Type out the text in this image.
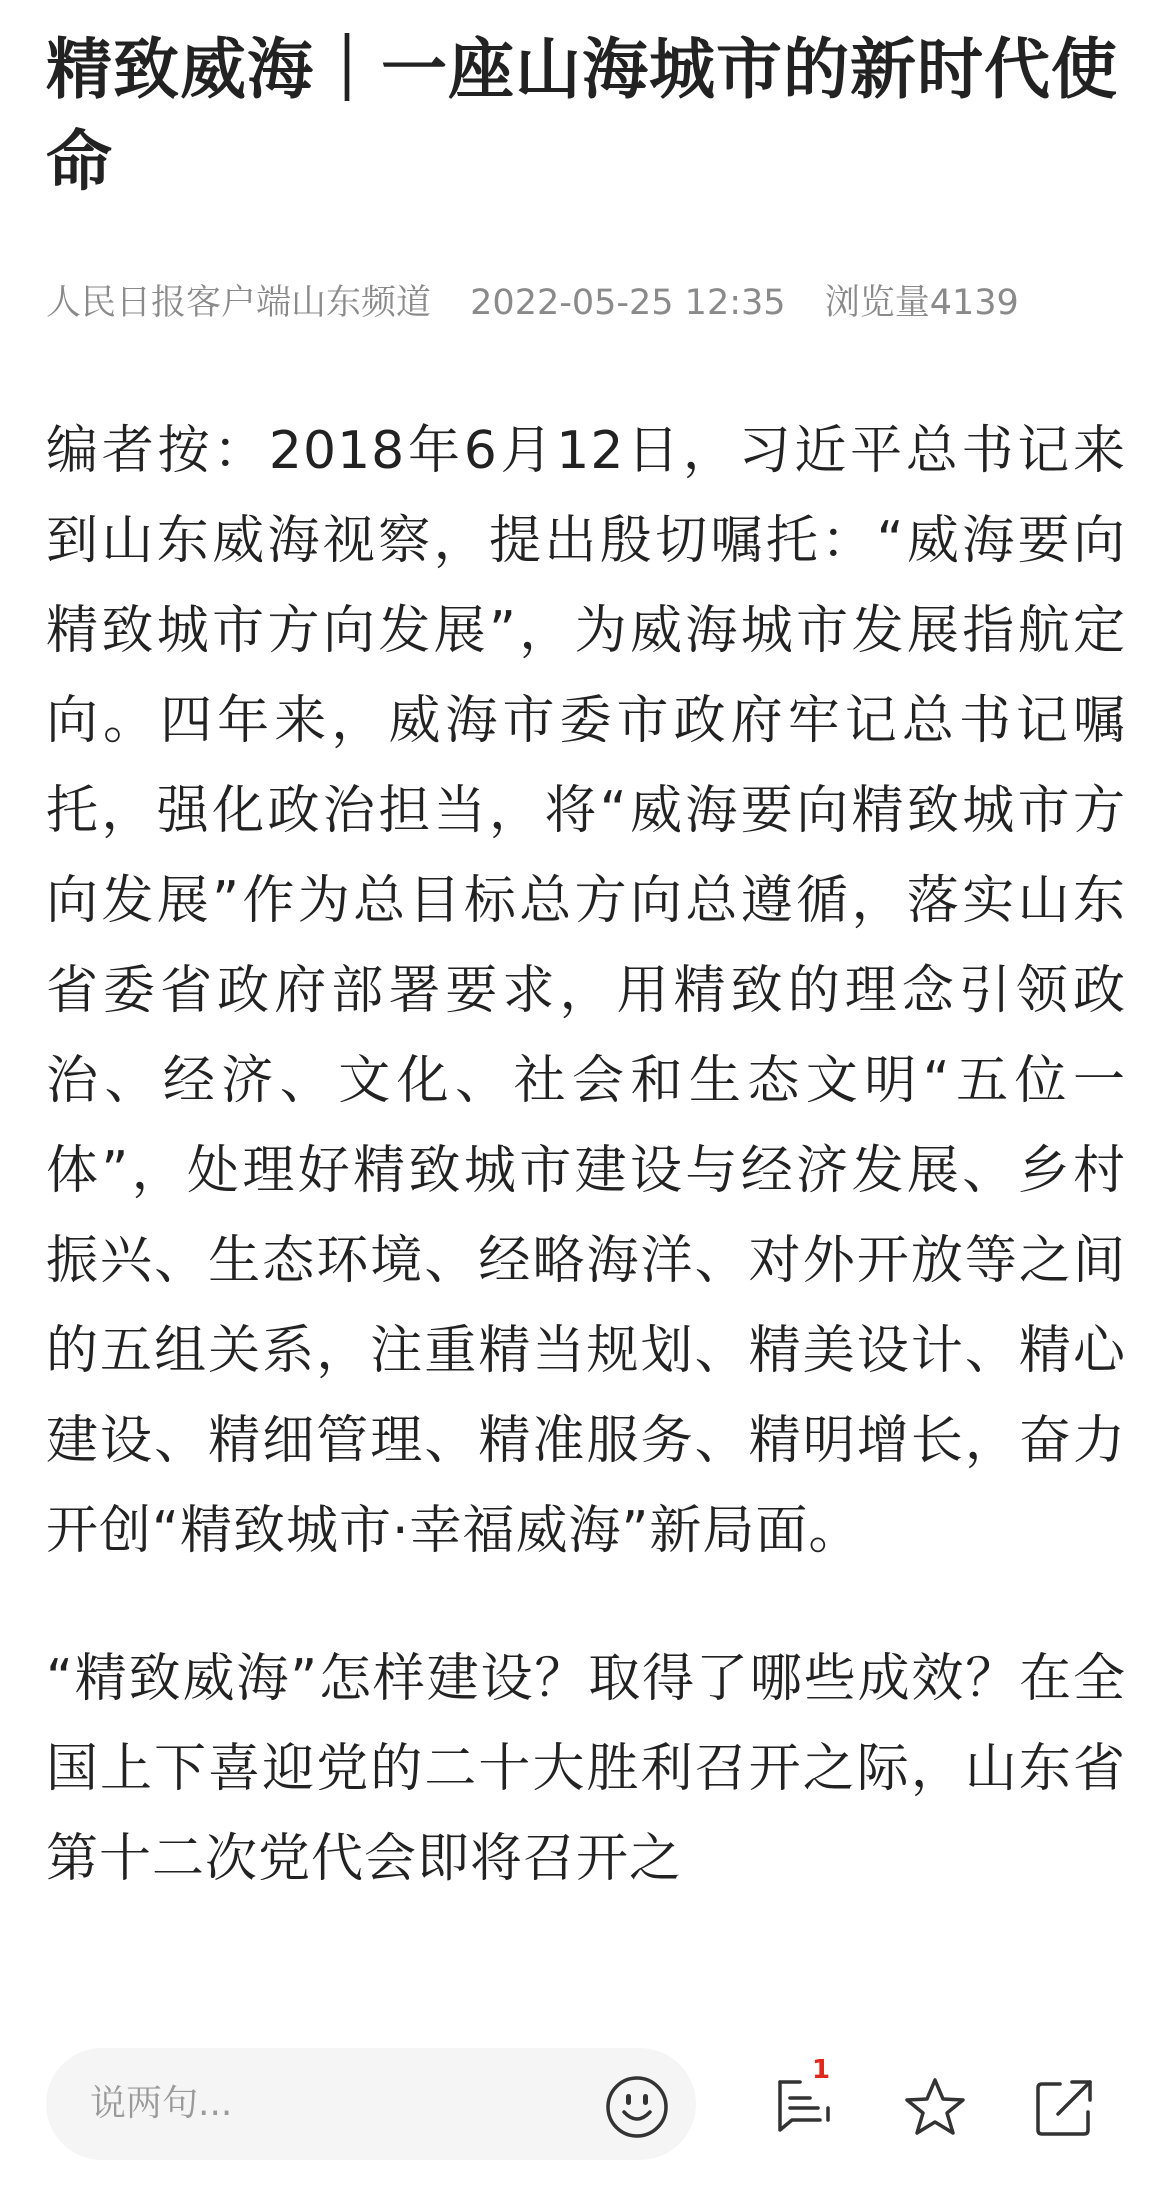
精致威海｜一座山海城市的新时代使命
人民日报客户端山东频道 2022-05-25 12:35 浏览量4139

编者按：2018年6月12日，习近平总书记来到山东威海视察，提出殷切嘱托：“威海要向精致城市方向发展”，为威海城市发展指航定向。四年来，威海市委市政府牢记总书记嘱托，强化政治担当，将“威海要向精致城市方向发展”作为总目标总方向总遵循，落实山东省委省政府部署要求，用精致的理念引领政治、经济、文化、社会和生态文明“五位一体”，处理好精致城市建设与经济发展、乡村振兴、生态环境、经略海洋、对外开放等之间的五组关系，注重精当规划、精美设计、精心建设、精细管理、精准服务、精明增长，奋力开创“精致城市·幸福威海”新局面。

“精致威海”怎样建设？取得了哪些成效？在全国上下喜迎党的二十大胜利召开之际，山东省第十二次党代会即将召开之

说两句...
1
